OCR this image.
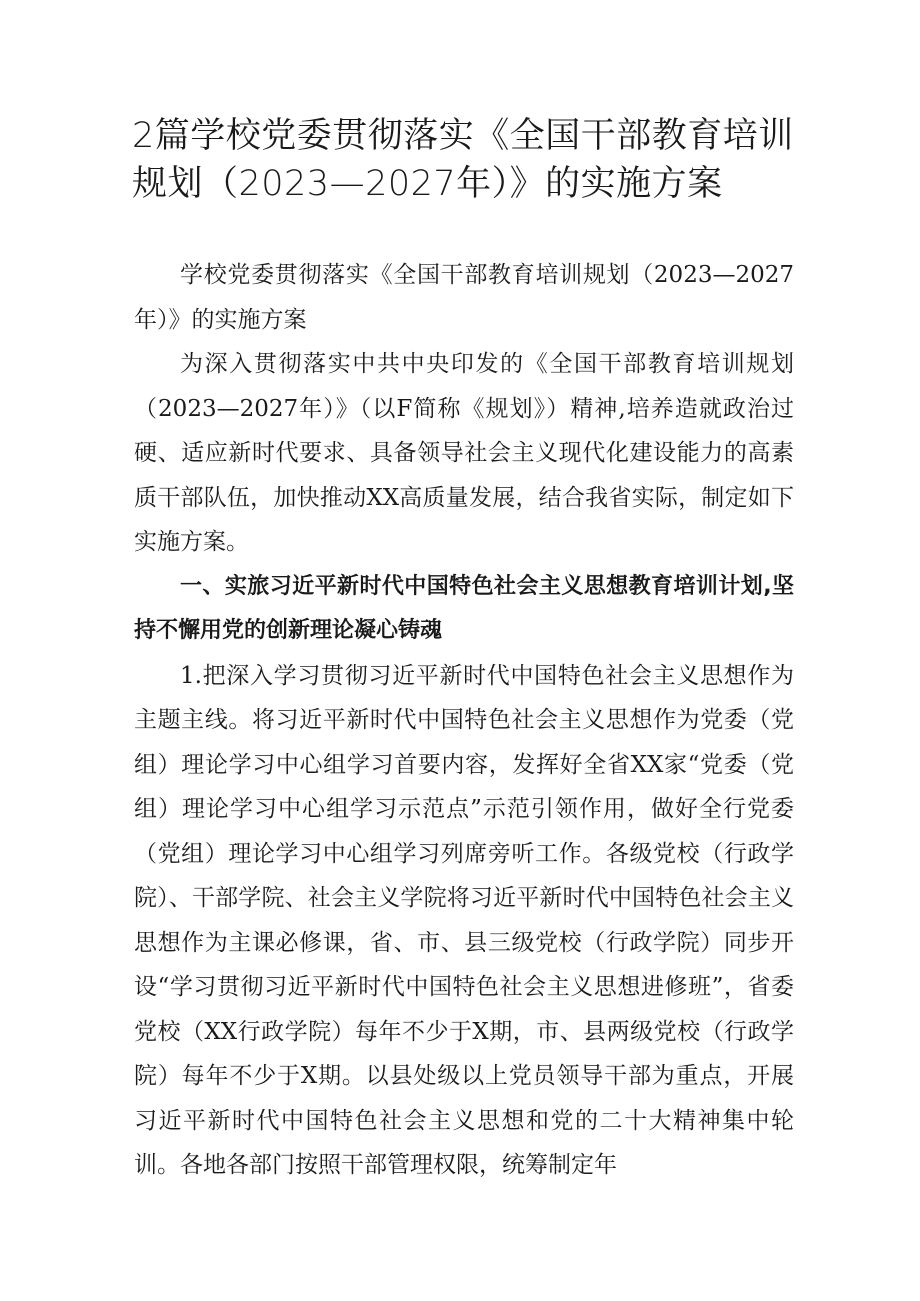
2篇学校党委贯彻落实《全国干部教育培训规划（2023—2027年）》的实施方案

学校党委贯彻落实《全国干部教育培训规划（2023—2027年）》的实施方案

为深入贯彻落实中共中央印发的《全国干部教育培训规划（2023—2027年）》（以F简称《规划》）精神,培养造就政治过硬、适应新时代要求、具备领导社会主义现代化建设能力的高素质干部队伍，加快推动XX高质量发展，结合我省实际，制定如下实施方案。

一、实旅习近平新时代中国特色社会主义思想教育培训计划,坚持不懈用党的创新理论凝心铸魂

1.把深入学习贯彻习近平新时代中国特色社会主义思想作为主题主线。将习近平新时代中国特色社会主义思想作为党委（党组）理论学习中心组学习首要内容，发挥好全省XX家“党委（党组）理论学习中心组学习示范点”示范引领作用，做好全行党委（党组）理论学习中心组学习列席旁听工作。各级党校（行政学院）、干部学院、社会主义学院将习近平新时代中国特色社会主义思想作为主课必修课，省、市、县三级党校（行政学院）同步开设“学习贯彻习近平新时代中国特色社会主义思想进修班”，省委党校（XX行政学院）每年不少于X期，市、县两级党校（行政学院）每年不少于X期。以县处级以上党员领导干部为重点，开展习近平新时代中国特色社会主义思想和党的二十大精神集中轮训。各地各部门按照干部管理权限，统筹制定年
